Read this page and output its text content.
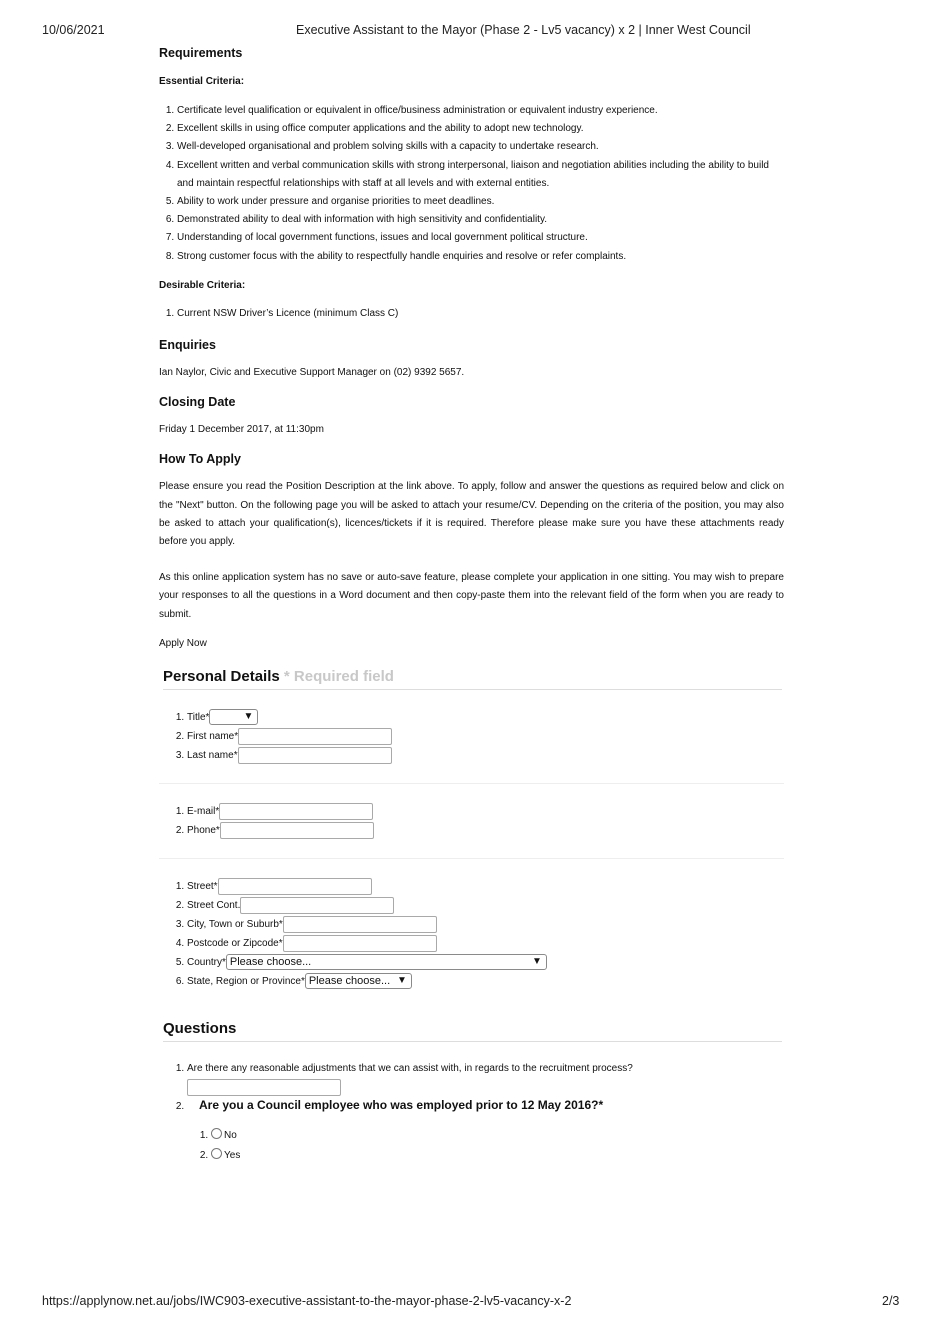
10/06/2021	Executive Assistant to the Mayor (Phase 2 - Lv5 vacancy) x 2 | Inner West Council
Requirements
Essential Criteria:
1. Certificate level qualification or equivalent in office/business administration or equivalent industry experience.
2. Excellent skills in using office computer applications and the ability to adopt new technology.
3. Well-developed organisational and problem solving skills with a capacity to undertake research.
4. Excellent written and verbal communication skills with strong interpersonal, liaison and negotiation abilities including the ability to build and maintain respectful relationships with staff at all levels and with external entities.
5. Ability to work under pressure and organise priorities to meet deadlines.
6. Demonstrated ability to deal with information with high sensitivity and confidentiality.
7. Understanding of local government functions, issues and local government political structure.
8. Strong customer focus with the ability to respectfully handle enquiries and resolve or refer complaints.
Desirable Criteria:
1. Current NSW Driver’s Licence (minimum Class C)
Enquiries

Ian Naylor, Civic and Executive Support Manager on (02) 9392 5657.

Closing Date

Friday 1 December 2017, at 11:30pm

How To Apply

Please ensure you read the Position Description at the link above. To apply, follow and answer the questions as required below and click on the "Next" button. On the following page you will be asked to attach your resume/CV. Depending on the criteria of the position, you may also be asked to attach your qualification(s), licences/tickets if it is required. Therefore please make sure you have these attachments ready before you apply.

As this online application system has no save or auto-save feature, please complete your application in one sitting. You may wish to prepare your responses to all the questions in a Word document and then copy-paste them into the relevant field of the form when you are ready to submit.

Apply Now

Personal Details * Required field
1. Title*	▼
2. First name*
3. Last name*
1. E-mail*
2. Phone*
1. Street*
2. Street Cont.
3. City, Town or Suburb*
4. Postcode or Zipcode*
5. Country* Please choose...	▼
6. State, Region or Province* Please choose... ▼
Questions
1. Are there any reasonable adjustments that we can assist with, in regards to the recruitment process?
2. Are you a Council employee who was employed prior to 12 May 2016?*
1. No
2. Yes
https://applynow.net.au/jobs/IWC903-executive-assistant-to-the-mayor-phase-2-lv5-vacancy-x-2	2/3
